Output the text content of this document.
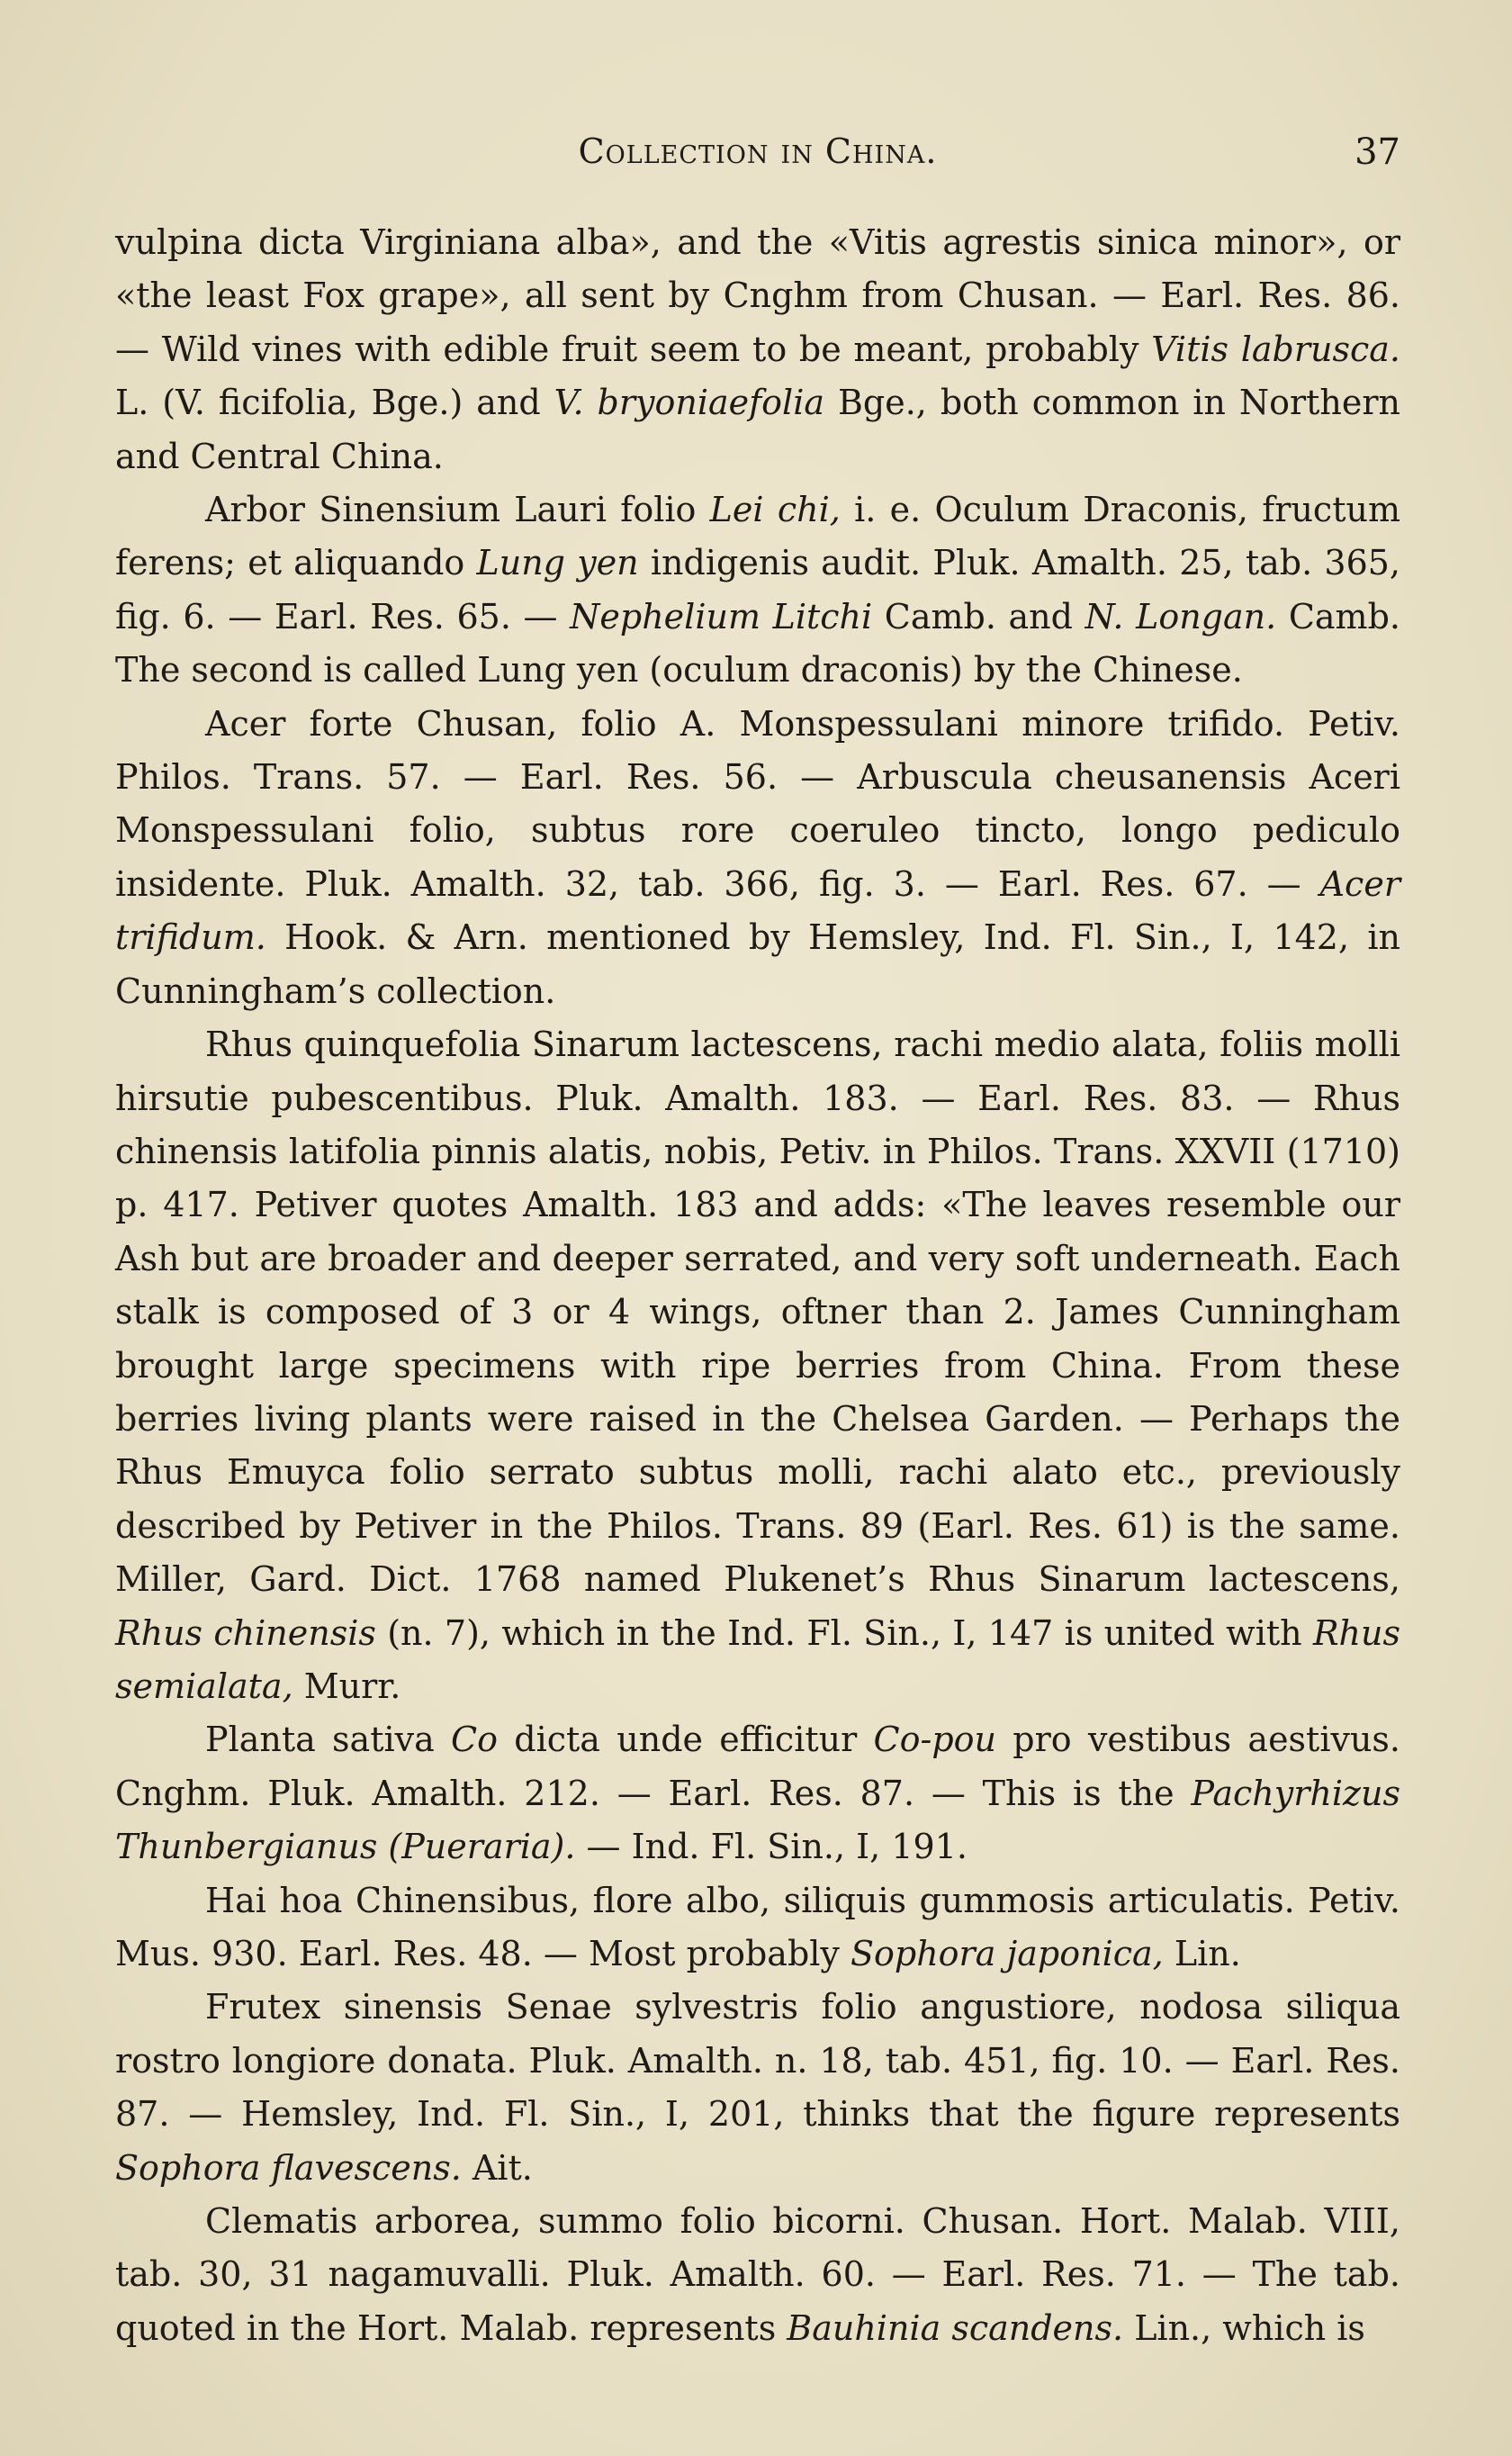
Collection in China.	37

vulpina dicta Virginiana alba», and the «Vitis agrestis sinica minor», or «the least Fox grape», all sent by Cnghm from Chusan. — Earl. Res. 86. — Wild vines with edible fruit seem to be meant, probably Vitis labrusca. L. (V. ficifolia, Bge.) and V. bryoniaefolia Bge., both common in Northern and Central China.

Arbor Sinensium Lauri folio Lei chi, i. e. Oculum Draconis, fructum ferens; et aliquando Lung yen indigenis audit. Pluk. Amalth. 25, tab. 365, fig. 6. — Earl. Res. 65. — Nephelium Litchi Camb. and N. Longan. Camb. The second is called Lung yen (oculum draconis) by the Chinese.

Acer forte Chusan, folio A. Monspessulani minore trifido. Petiv. Philos. Trans. 57. — Earl. Res. 56. — Arbuscula cheusanensis Aceri Monspessulani folio, subtus rore coeruleo tincto, longo pediculo insidente. Pluk. Amalth. 32, tab. 366, fig. 3. — Earl. Res. 67. — Acer trifidum. Hook. & Arn. mentioned by Hemsley, Ind. Fl. Sin., I, 142, in Cunningham’s collection.

Rhus quinquefolia Sinarum lactescens, rachi medio alata, foliis molli hirsutie pubescentibus. Pluk. Amalth. 183. — Earl. Res. 83. — Rhus chinensis latifolia pinnis alatis, nobis, Petiv. in Philos. Trans. XXVII (1710) p. 417. Petiver quotes Amalth. 183 and adds: «The leaves resemble our Ash but are broader and deeper serrated, and very soft underneath. Each stalk is composed of 3 or 4 wings, oftner than 2. James Cunningham brought large specimens with ripe berries from China. From these berries living plants were raised in the Chelsea Garden. — Perhaps the Rhus Emuyca folio serrato subtus molli, rachi alato etc., previously described by Petiver in the Philos. Trans. 89 (Earl. Res. 61) is the same. Miller, Gard. Dict. 1768 named Plukenet’s Rhus Sinarum lactescens, Rhus chinensis (n. 7), which in the Ind. Fl. Sin., I, 147 is united with Rhus semialata, Murr.

Planta sativa Co dicta unde efficitur Co-pou pro vestibus aestivus. Cnghm. Pluk. Amalth. 212. — Earl. Res. 87. — This is the Pachyrhizus Thunbergianus (Pueraria). — Ind. Fl. Sin., I, 191.

Hai hoa Chinensibus, flore albo, siliquis gummosis articulatis. Petiv. Mus. 930. Earl. Res. 48. — Most probably Sophora japonica, Lin.

Frutex sinensis Senae sylvestris folio angustiore, nodosa siliqua rostro longiore donata. Pluk. Amalth. n. 18, tab. 451, fig. 10. — Earl. Res. 87. — Hemsley, Ind. Fl. Sin., I, 201, thinks that the figure represents Sophora flavescens. Ait.

Clematis arborea, summo folio bicorni. Chusan. Hort. Malab. VIII, tab. 30, 31 nagamuvalli. Pluk. Amalth. 60. — Earl. Res. 71. — The tab. quoted in the Hort. Malab. represents Bauhinia scandens. Lin., which is
